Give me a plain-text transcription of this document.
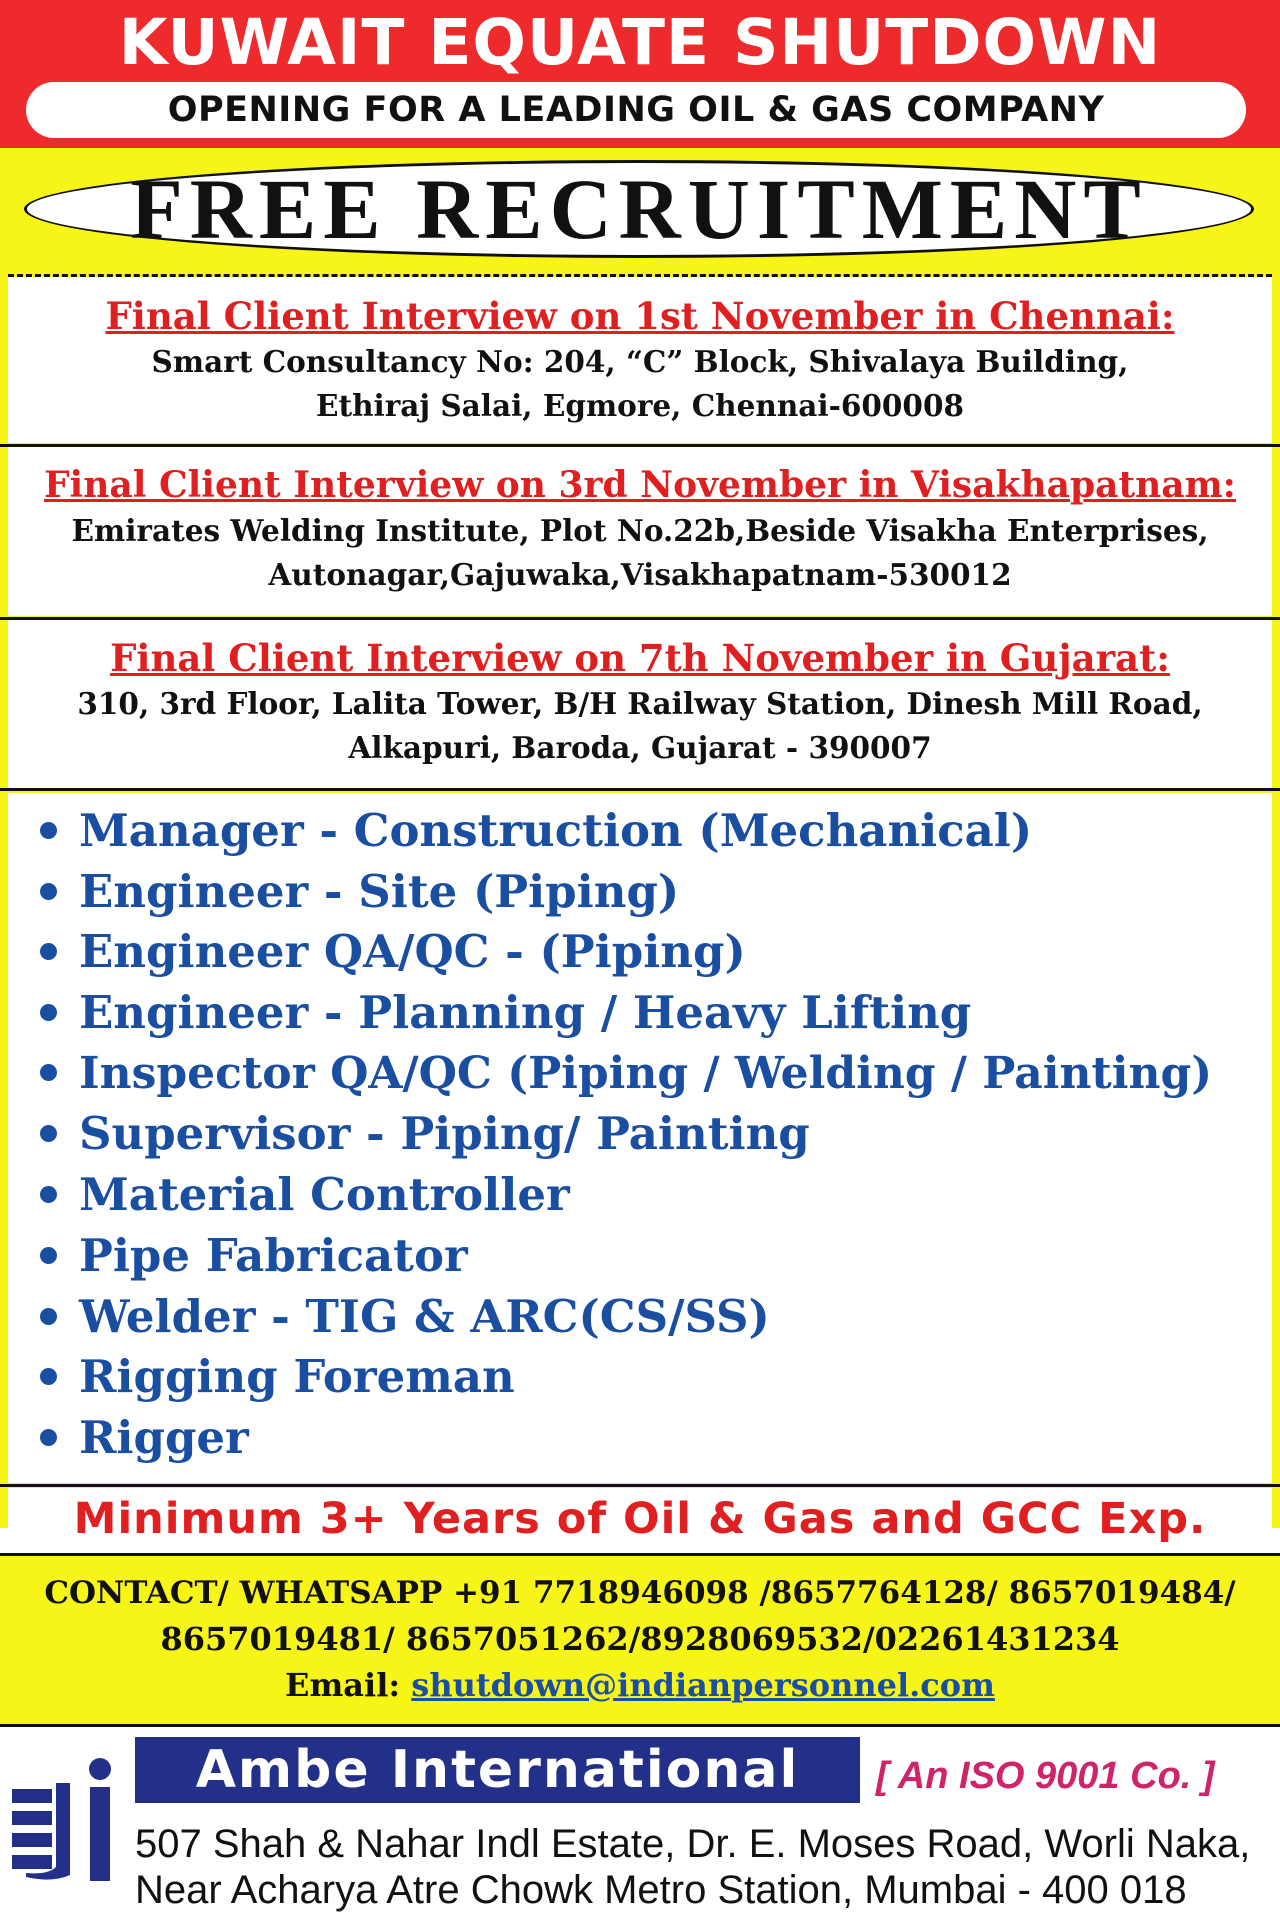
KUWAIT EQUATE SHUTDOWN
OPENING FOR A LEADING OIL & GAS COMPANY
FREE RECRUITMENT
Final Client Interview on 1st November in Chennai:
Smart Consultancy No: 204, “C” Block, Shivalaya Building,
Ethiraj Salai, Egmore, Chennai-600008
Final Client Interview on 3rd November in Visakhapatnam:
Emirates Welding Institute, Plot No.22b,Beside Visakha Enterprises,
Autonagar,Gajuwaka,Visakhapatnam-530012
Final Client Interview on 7th November in Gujarat:
310, 3rd Floor, Lalita Tower, B/H Railway Station, Dinesh Mill Road,
Alkapuri, Baroda, Gujarat - 390007
Manager - Construction (Mechanical)
Engineer - Site (Piping)
Engineer QA/QC - (Piping)
Engineer - Planning / Heavy Lifting
Inspector QA/QC (Piping / Welding / Painting)
Supervisor - Piping/ Painting
Material Controller
Pipe Fabricator
Welder - TIG & ARC(CS/SS)
Rigging Foreman
Rigger
Minimum 3+ Years of Oil & Gas and GCC Exp.
CONTACT/ WHATSAPP +91 7718946098 /8657764128/ 8657019484/
8657019481/ 8657051262/8928069532/02261431234
Email: shutdown@indianpersonnel.com
Ambe International	[ An ISO 9001 Co. ]
507 Shah & Nahar Indl Estate, Dr. E. Moses Road, Worli Naka,
Near Acharya Atre Chowk Metro Station, Mumbai - 400 018
